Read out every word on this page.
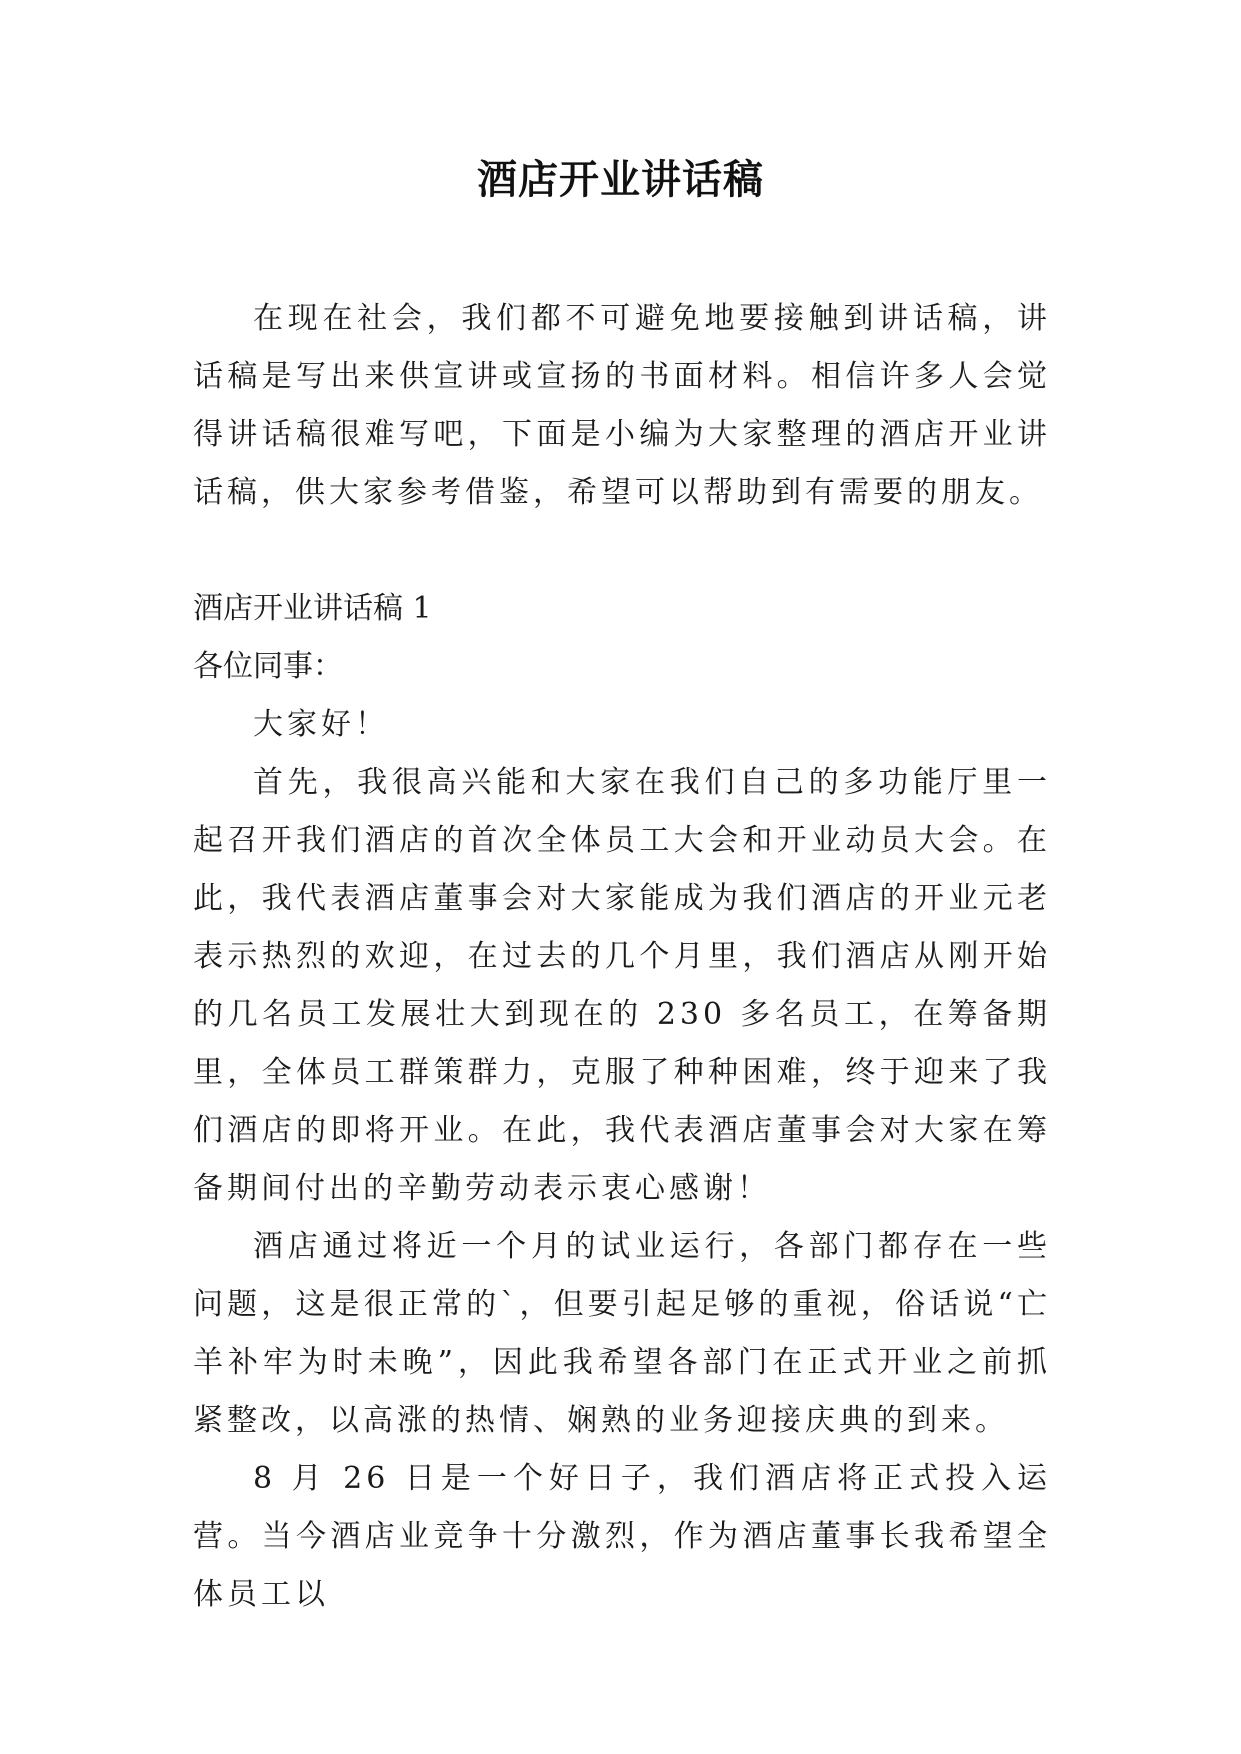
酒店开业讲话稿

在现在社会，我们都不可避免地要接触到讲话稿，讲话稿是写出来供宣讲或宣扬的书面材料。相信许多人会觉得讲话稿很难写吧，下面是小编为大家整理的酒店开业讲话稿，供大家参考借鉴，希望可以帮助到有需要的朋友。

酒店开业讲话稿 1

各位同事：

大家好！

首先，我很高兴能和大家在我们自己的多功能厅里一起召开我们酒店的首次全体员工大会和开业动员大会。在此，我代表酒店董事会对大家能成为我们酒店的开业元老表示热烈的欢迎，在过去的几个月里，我们酒店从刚开始的几名员工发展壮大到现在的 230 多名员工，在筹备期里，全体员工群策群力，克服了种种困难，终于迎来了我们酒店的即将开业。在此，我代表酒店董事会对大家在筹备期间付出的辛勤劳动表示衷心感谢！

酒店通过将近一个月的试业运行，各部门都存在一些问题，这是很正常的`，但要引起足够的重视，俗话说“亡羊补牢为时未晚”，因此我希望各部门在正式开业之前抓紧整改，以高涨的热情、娴熟的业务迎接庆典的到来。

8 月 26 日是一个好日子，我们酒店将正式投入运营。当今酒店业竞争十分激烈，作为酒店董事长我希望全体员工以
